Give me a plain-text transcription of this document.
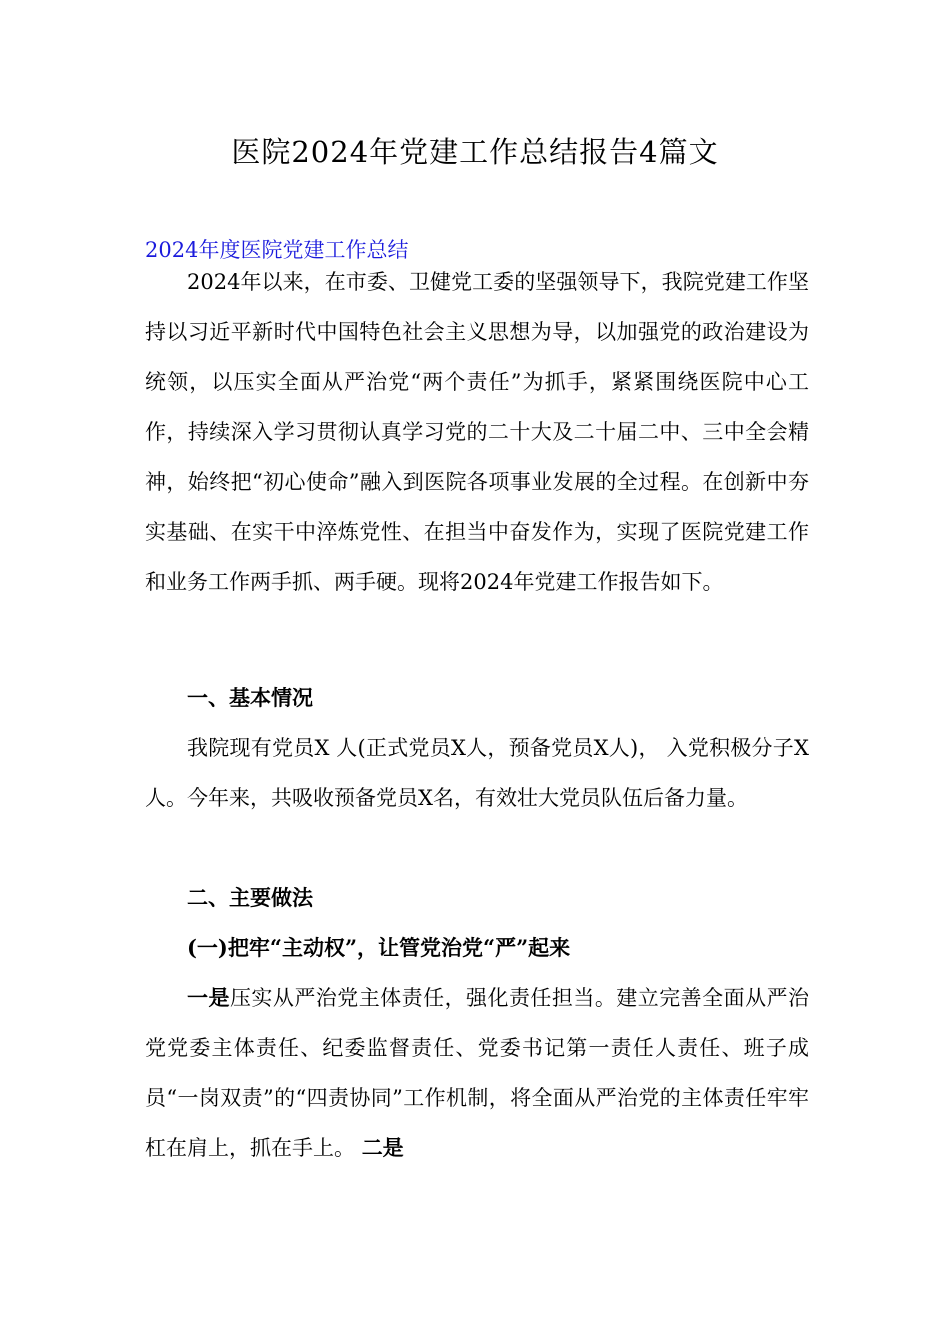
医院2024年党建工作总结报告4篇文
2024年度医院党建工作总结
2024年以来，在市委、卫健党工委的坚强领导下，我院党建工作坚持以习近平新时代中国特色社会主义思想为导，以加强党的政治建设为统领，以压实全面从严治党“两个责任”为抓手，紧紧围绕医院中心工作，持续深入学习贯彻认真学习党的二十大及二十届二中、三中全会精神，始终把“初心使命”融入到医院各项事业发展的全过程。在创新中夯实基础、在实干中淬炼党性、在担当中奋发作为，实现了医院党建工作和业务工作两手抓、两手硬。现将2024年党建工作报告如下。
一、基本情况
我院现有党员X 人(正式党员X人，预备党员X人)， 入党积极分子X人。今年来，共吸收预备党员X名，有效壮大党员队伍后备力量。
二、主要做法
(一)把牢“主动权”，让管党治党“严”起来
一是压实从严治党主体责任，强化责任担当。建立完善全面从严治党党委主体责任、纪委监督责任、党委书记第一责任人责任、班子成员“一岗双责”的“四责协同”工作机制，将全面从严治党的主体责任牢牢杠在肩上，抓在手上。 二是
